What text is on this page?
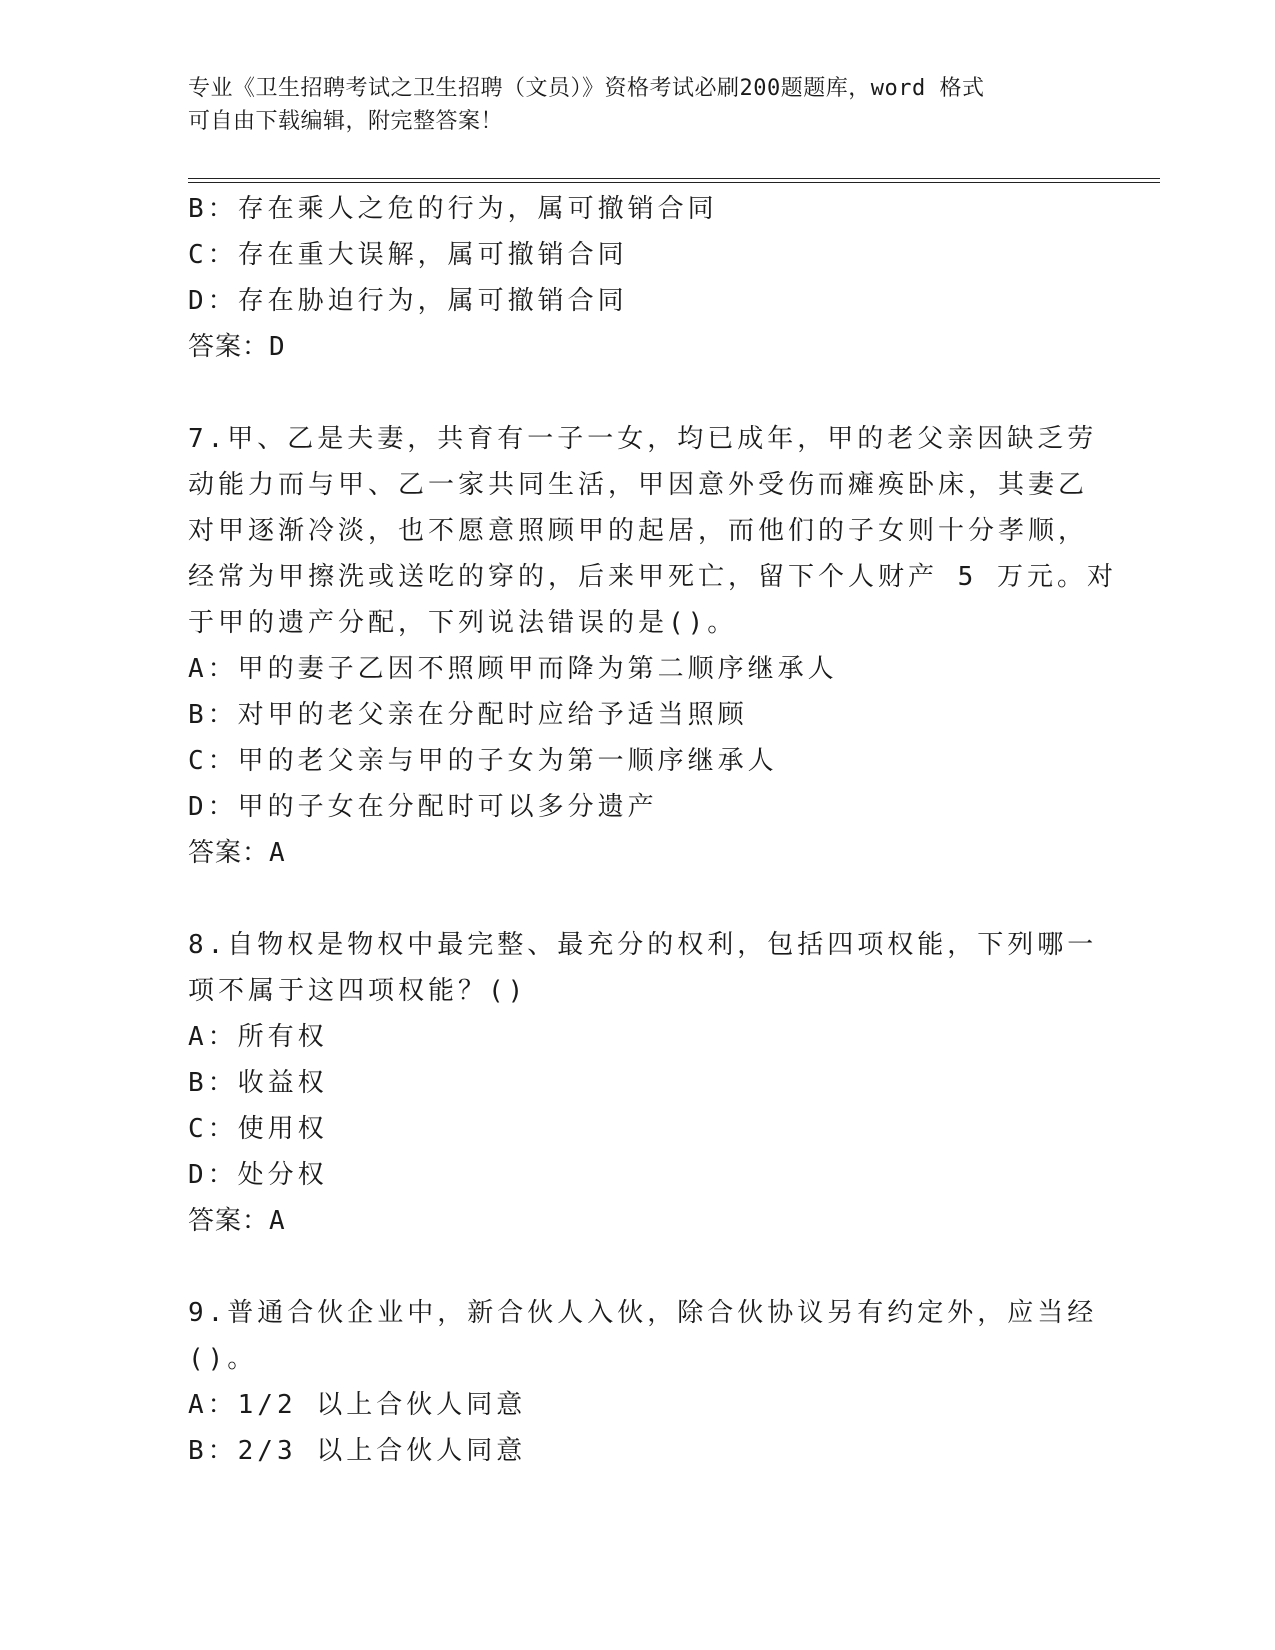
专业《卫生招聘考试之卫生招聘（文员）》资格考试必刷200题题库，word 格式
可自由下载编辑，附完整答案！
B：存在乘人之危的行为，属可撤销合同
C：存在重大误解，属可撤销合同
D：存在胁迫行为，属可撤销合同
答案：D
7.甲、乙是夫妻，共育有一子一女，均已成年，甲的老父亲因缺乏劳
动能力而与甲、乙一家共同生活，甲因意外受伤而瘫痪卧床，其妻乙
对甲逐渐冷淡，也不愿意照顾甲的起居，而他们的子女则十分孝顺，
经常为甲擦洗或送吃的穿的，后来甲死亡，留下个人财产 5 万元。对
于甲的遗产分配，下列说法错误的是()。
A：甲的妻子乙因不照顾甲而降为第二顺序继承人
B：对甲的老父亲在分配时应给予适当照顾
C：甲的老父亲与甲的子女为第一顺序继承人
D：甲的子女在分配时可以多分遗产
答案：A
8.自物权是物权中最完整、最充分的权利，包括四项权能，下列哪一
项不属于这四项权能？()
A：所有权
B：收益权
C：使用权
D：处分权
答案：A
9.普通合伙企业中，新合伙人入伙，除合伙协议另有约定外，应当经
()。
A：1/2 以上合伙人同意
B：2/3 以上合伙人同意
